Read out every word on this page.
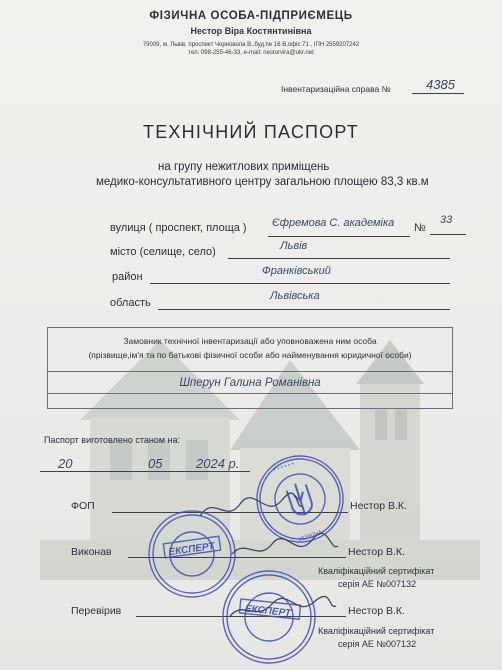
ФІЗИЧНА ОСОБА-ПІДПРИЄМЕЦЬ
Нестор Віра Костянтинівна
79009, м. Львів, проспект Чорновола В.,буд.№ 16 В,офіс 71 , ІПН 2559207242
тел. 098-255-46-33, e-mail: nestorvira@ukr.net
Інвентаризаційна справа №	4385
ТЕХНІЧНИЙ ПАСПОРТ
на групу нежитлових приміщень
медико-консультативного центру загальною площею 83,3 кв.м
вулиця ( проспект, площа ) Єфремова С. академіка №
33
місто (селище, село)	Львів
район	Франківський
область
Львівська
Замовник технічної інвентаризації або уповноважена ним особа
(прізвище,ім'я та по батькові фізичної особи або найменування юридичної особи)
Шперун Галина Романівна
Паспорт виготовлено станом на:
20	05	2024 р.
ФОП	Нестор В.К.
Виконав	Нестор В.К.
Кваліфікаційний сертифікат
серія АЕ №007132
Перевірив	Нестор В.К.
Кваліфікаційний сертифікат
серія АЕ №007132
• • • • • •
УКРАЇНА
ЕКСПЕРТ
ЕКСПЕРТ
